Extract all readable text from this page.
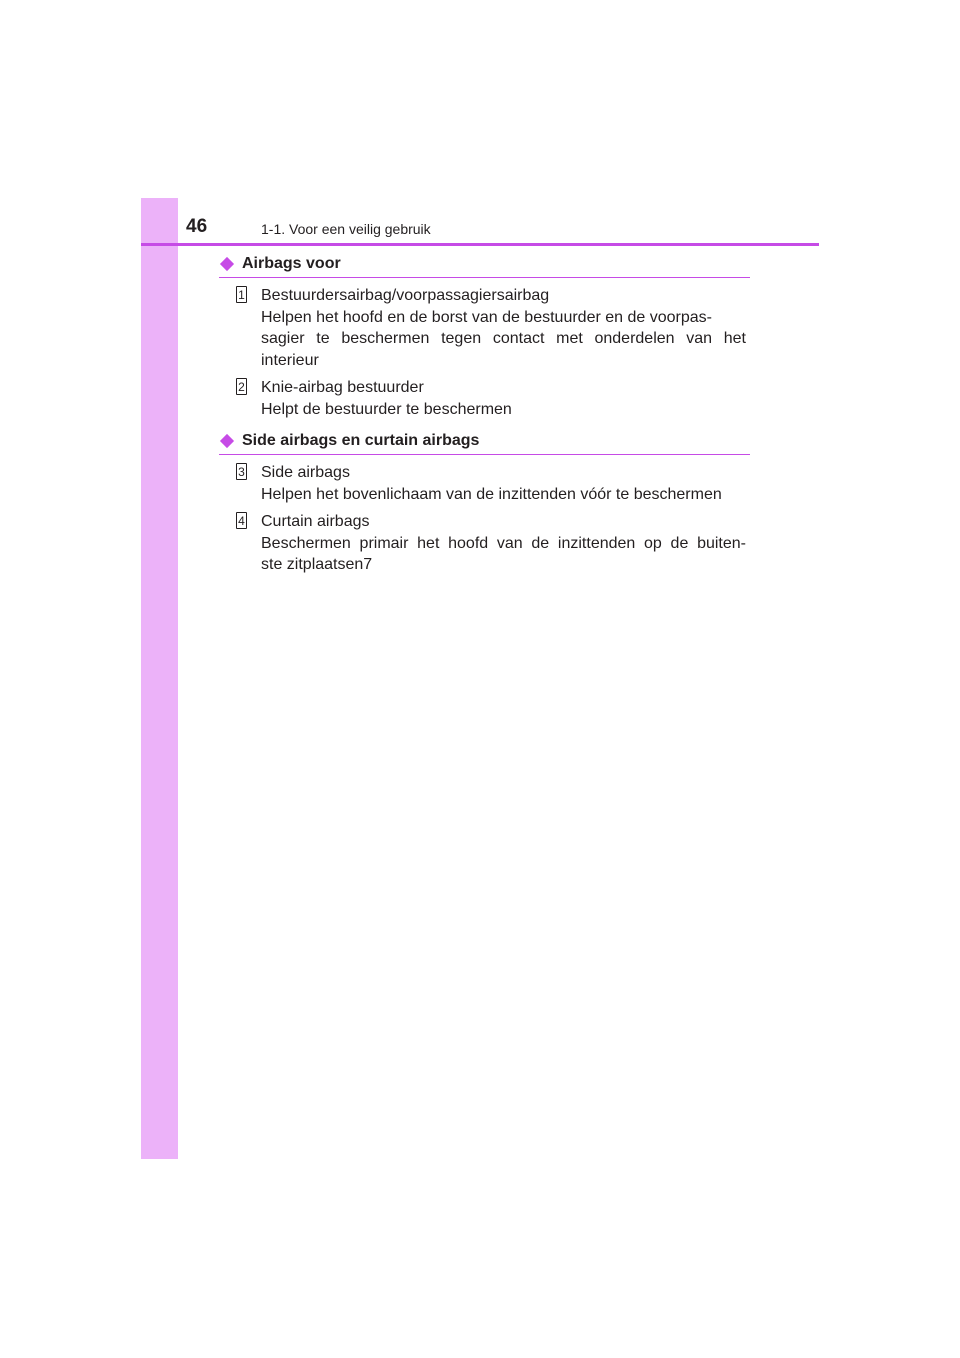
46	1-1. Voor een veilig gebruik
Airbags voor
1 Bestuurdersairbag/voorpassagiersairbag
Helpen het hoofd en de borst van de bestuurder en de voorpas-
sagier te beschermen tegen contact met onderdelen van het
interieur
2 Knie-airbag bestuurder
Helpt de bestuurder te beschermen
Side airbags en curtain airbags
3 Side airbags
Helpen het bovenlichaam van de inzittenden vóór te beschermen
4 Curtain airbags
Beschermen primair het hoofd van de inzittenden op de buiten-
ste zitplaatsen7
